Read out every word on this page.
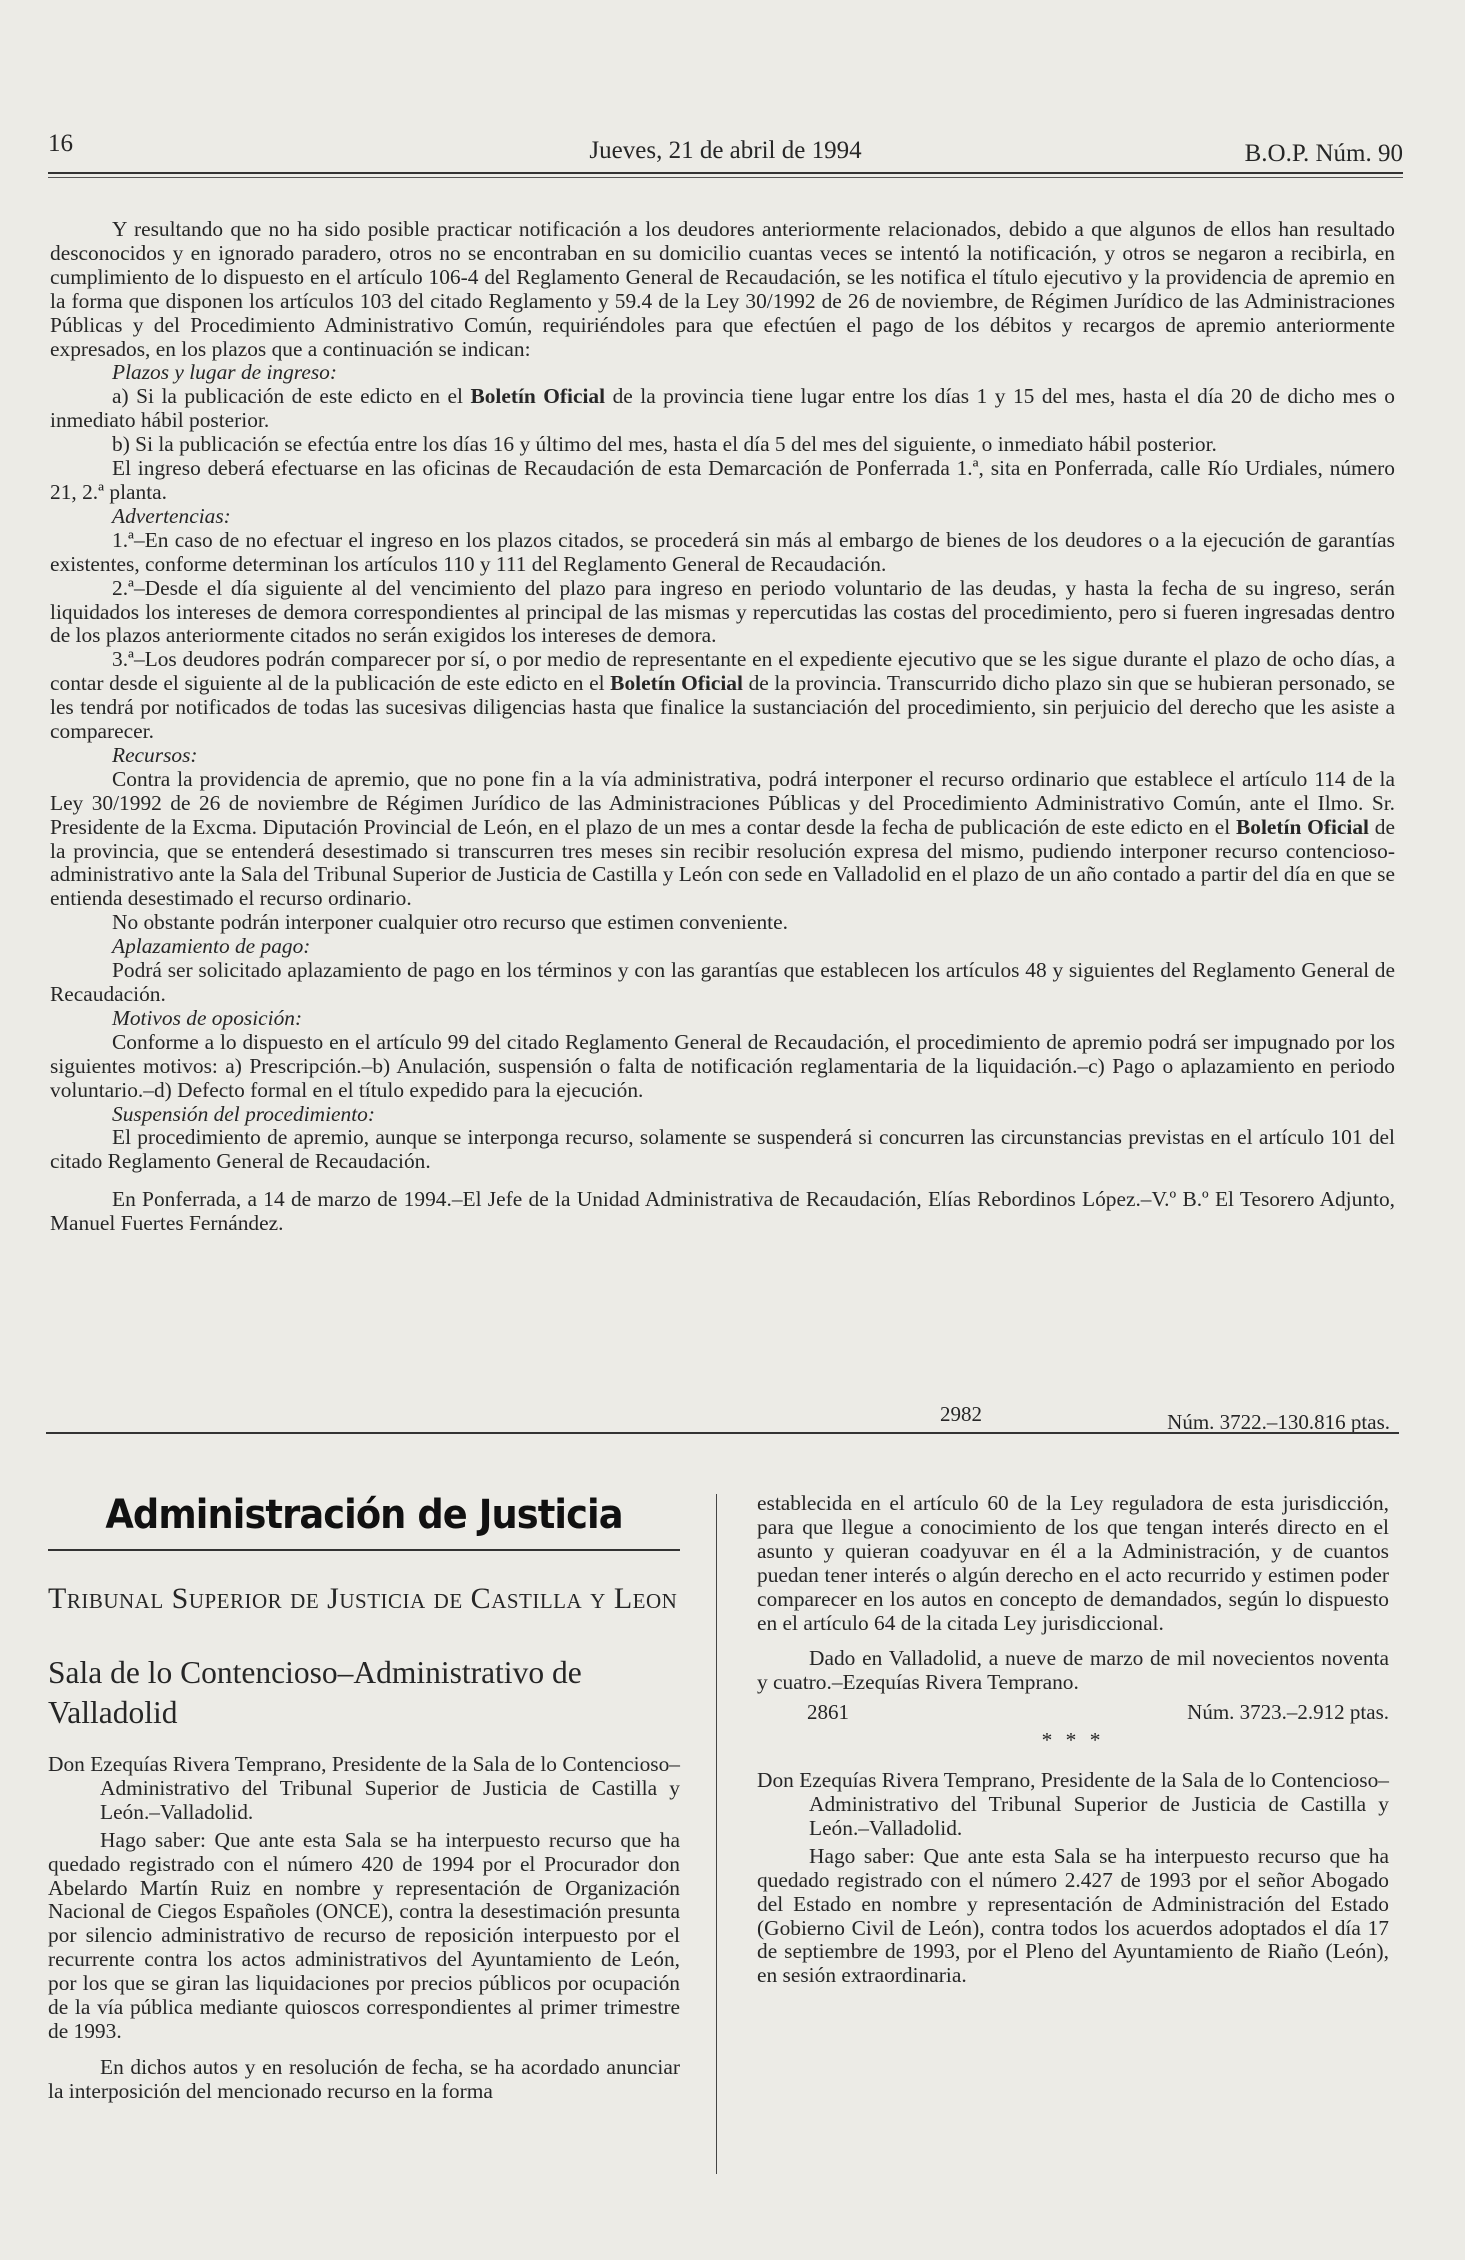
16	Jueves, 21 de abril de 1994	B.O.P. Núm. 90

Y resultando que no ha sido posible practicar notificación a los deudores anteriormente relacionados, debido a que algunos de ellos han resultado desconocidos y en ignorado paradero, otros no se encontraban en su domicilio cuantas veces se intentó la notificación, y otros se negaron a recibirla, en cumplimiento de lo dispuesto en el artículo 106-4 del Reglamento General de Recaudación, se les notifica el título ejecutivo y la providencia de apremio en la forma que disponen los artículos 103 del citado Reglamento y 59.4 de la Ley 30/1992 de 26 de noviembre, de Régimen Jurídico de las Administraciones Públicas y del Procedimiento Administrativo Común, requiriéndoles para que efectúen el pago de los débitos y recargos de apremio anteriormente expresados, en los plazos que a continuación se indican:

Plazos y lugar de ingreso:

a) Si la publicación de este edicto en el Boletín Oficial de la provincia tiene lugar entre los días 1 y 15 del mes, hasta el día 20 de dicho mes o inmediato hábil posterior.

b) Si la publicación se efectúa entre los días 16 y último del mes, hasta el día 5 del mes del siguiente, o inmediato hábil posterior.

El ingreso deberá efectuarse en las oficinas de Recaudación de esta Demarcación de Ponferrada 1.ª, sita en Ponferrada, calle Río Urdiales, número 21, 2.ª planta.

Advertencias:

1.ª–En caso de no efectuar el ingreso en los plazos citados, se procederá sin más al embargo de bienes de los deudores o a la ejecución de garantías existentes, conforme determinan los artículos 110 y 111 del Reglamento General de Recaudación.

2.ª–Desde el día siguiente al del vencimiento del plazo para ingreso en periodo voluntario de las deudas, y hasta la fecha de su ingreso, serán liquidados los intereses de demora correspondientes al principal de las mismas y repercutidas las costas del procedimiento, pero si fueren ingresadas dentro de los plazos anteriormente citados no serán exigidos los intereses de demora.

3.ª–Los deudores podrán comparecer por sí, o por medio de representante en el expediente ejecutivo que se les sigue durante el plazo de ocho días, a contar desde el siguiente al de la publicación de este edicto en el Boletín Oficial de la provincia. Transcurrido dicho plazo sin que se hubieran personado, se les tendrá por notificados de todas las sucesivas diligencias hasta que finalice la sustanciación del procedimiento, sin perjuicio del derecho que les asiste a comparecer.

Recursos:

Contra la providencia de apremio, que no pone fin a la vía administrativa, podrá interponer el recurso ordinario que establece el artículo 114 de la Ley 30/1992 de 26 de noviembre de Régimen Jurídico de las Administraciones Públicas y del Procedimiento Administrativo Común, ante el Ilmo. Sr. Presidente de la Excma. Diputación Provincial de León, en el plazo de un mes a contar desde la fecha de publicación de este edicto en el Boletín Oficial de la provincia, que se entenderá desestimado si transcurren tres meses sin recibir resolución expresa del mismo, pudiendo interponer recurso contencioso-administrativo ante la Sala del Tribunal Superior de Justicia de Castilla y León con sede en Valladolid en el plazo de un año contado a partir del día en que se entienda desestimado el recurso ordinario.

No obstante podrán interponer cualquier otro recurso que estimen conveniente.

Aplazamiento de pago:

Podrá ser solicitado aplazamiento de pago en los términos y con las garantías que establecen los artículos 48 y siguientes del Reglamento General de Recaudación.

Motivos de oposición:

Conforme a lo dispuesto en el artículo 99 del citado Reglamento General de Recaudación, el procedimiento de apremio podrá ser impugnado por los siguientes motivos: a) Prescripción.–b) Anulación, suspensión o falta de notificación reglamentaria de la liquidación.–c) Pago o aplazamiento en periodo voluntario.–d) Defecto formal en el título expedido para la ejecución.

Suspensión del procedimiento:

El procedimiento de apremio, aunque se interponga recurso, solamente se suspenderá si concurren las circunstancias previstas en el artículo 101 del citado Reglamento General de Recaudación.

En Ponferrada, a 14 de marzo de 1994.–El Jefe de la Unidad Administrativa de Recaudación, Elías Rebordinos López.–V.º B.º El Tesorero Adjunto, Manuel Fuertes Fernández.

2982	Núm. 3722.–130.816 ptas.
Administración de Justicia

Tribunal Superior de Justicia de Castilla y Leon

Sala de lo Contencioso–Administrativo de Valladolid

Don Ezequías Rivera Temprano, Presidente de la Sala de lo Contencioso–Administrativo del Tribunal Superior de Justicia de Castilla y León.–Valladolid.

Hago saber: Que ante esta Sala se ha interpuesto recurso que ha quedado registrado con el número 420 de 1994 por el Procurador don Abelardo Martín Ruiz en nombre y representación de Organización Nacional de Ciegos Españoles (ONCE), contra la desestimación presunta por silencio administrativo de recurso de reposición interpuesto por el recurrente contra los actos administrativos del Ayuntamiento de León, por los que se giran las liquidaciones por precios públicos por ocupación de la vía pública mediante quioscos correspondientes al primer trimestre de 1993.

En dichos autos y en resolución de fecha, se ha acordado anunciar la interposición del mencionado recurso en la forma

establecida en el artículo 60 de la Ley reguladora de esta jurisdicción, para que llegue a conocimiento de los que tengan interés directo en el asunto y quieran coadyuvar en él a la Administración, y de cuantos puedan tener interés o algún derecho en el acto recurrido y estimen poder comparecer en los autos en concepto de demandados, según lo dispuesto en el artículo 64 de la citada Ley jurisdiccional.

Dado en Valladolid, a nueve de marzo de mil novecientos noventa y cuatro.–Ezequías Rivera Temprano.

2861	Núm. 3723.–2.912 ptas.
* * *

Don Ezequías Rivera Temprano, Presidente de la Sala de lo Contencioso–Administrativo del Tribunal Superior de Justicia de Castilla y León.–Valladolid.

Hago saber: Que ante esta Sala se ha interpuesto recurso que ha quedado registrado con el número 2.427 de 1993 por el señor Abogado del Estado en nombre y representación de Administración del Estado (Gobierno Civil de León), contra todos los acuerdos adoptados el día 17 de septiembre de 1993, por el Pleno del Ayuntamiento de Riaño (León), en sesión extraordinaria.
